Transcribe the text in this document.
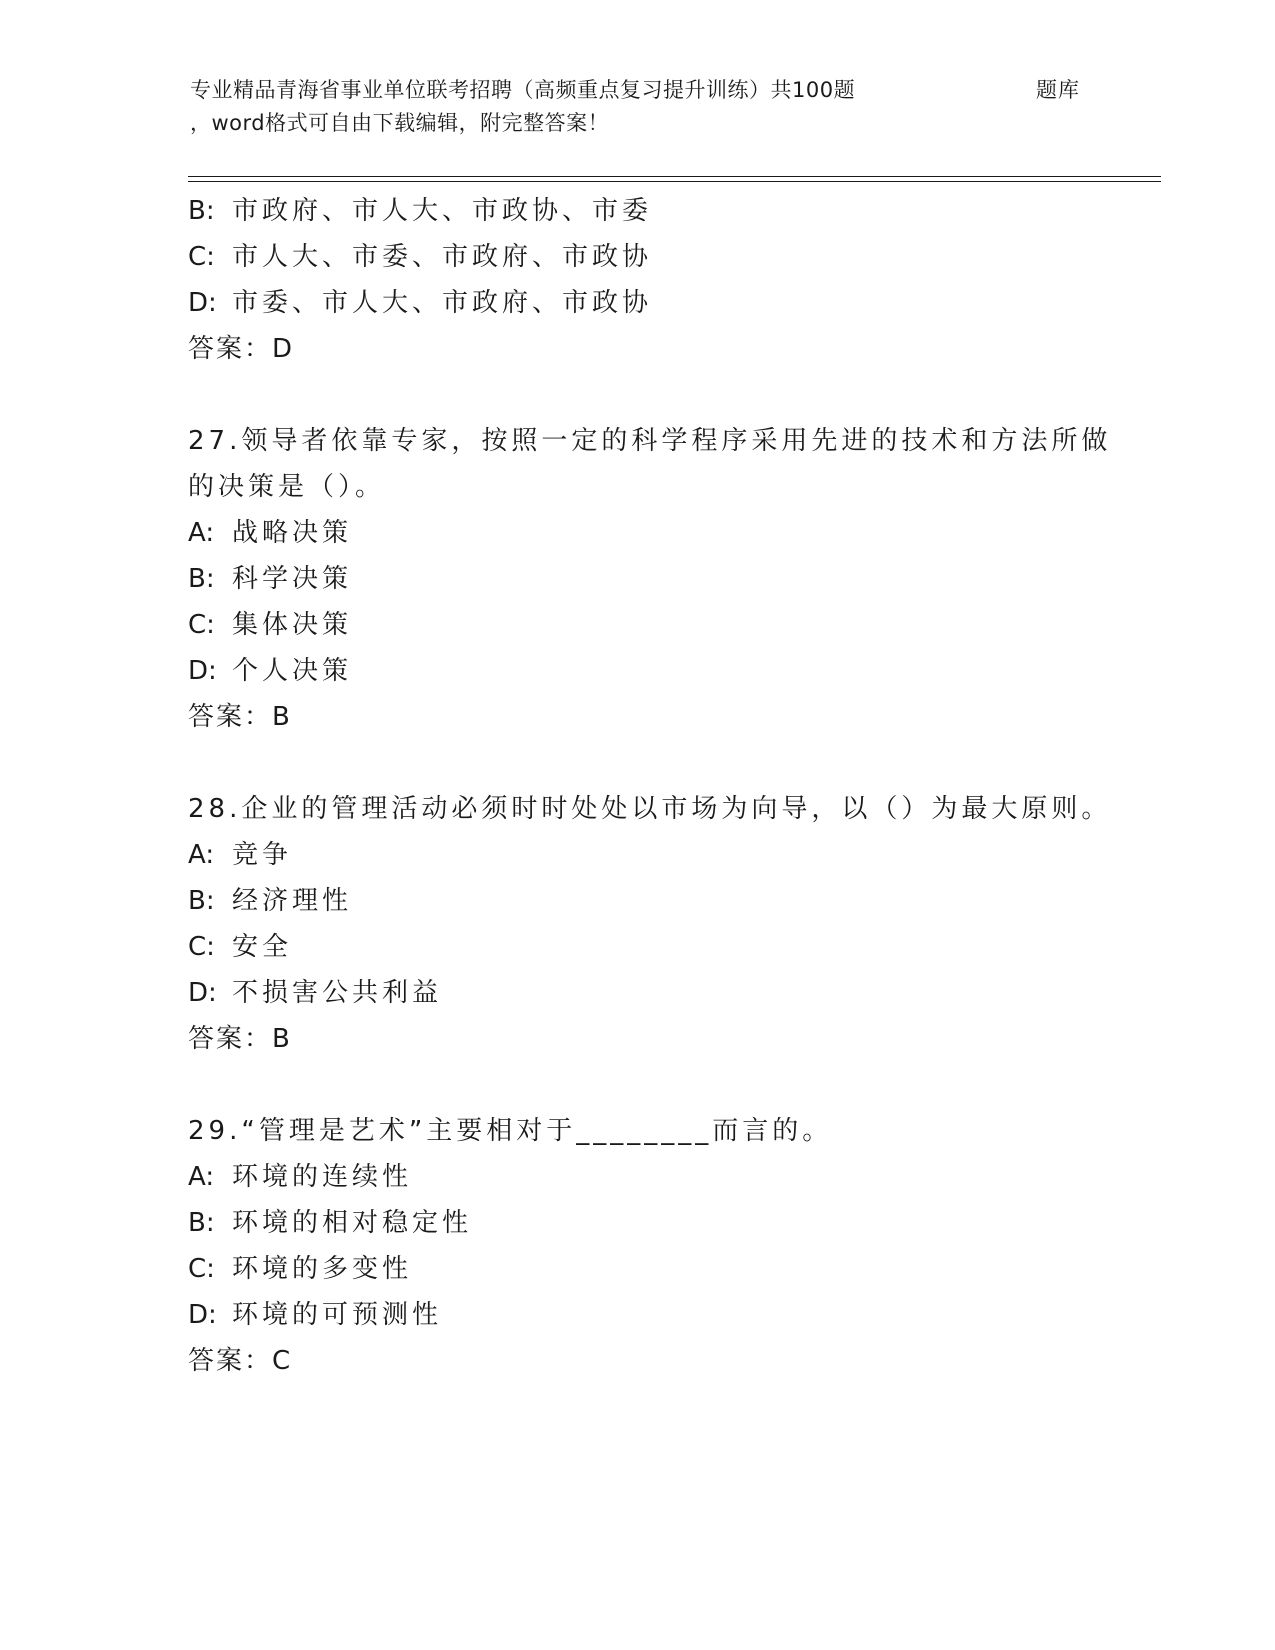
专业精品青海省事业单位联考招聘（高频重点复习提升训练）共100题
，word格式可自由下载编辑，附完整答案！
题库
B: 市政府、市人大、市政协、市委
C: 市人大、市委、市政府、市政协
D: 市委、市人大、市政府、市政协
答案：D
27.领导者依靠专家，按照一定的科学程序采用先进的技术和方法所做
的决策是（）。
A: 战略决策
B: 科学决策
C: 集体决策
D: 个人决策
答案：B
28.企业的管理活动必须时时处处以市场为向导，以（）为最大原则。
A: 竞争
B: 经济理性
C: 安全
D: 不损害公共利益
答案：B
29.“管理是艺术”主要相对于________而言的。
A: 环境的连续性
B: 环境的相对稳定性
C: 环境的多变性
D: 环境的可预测性
答案：C
